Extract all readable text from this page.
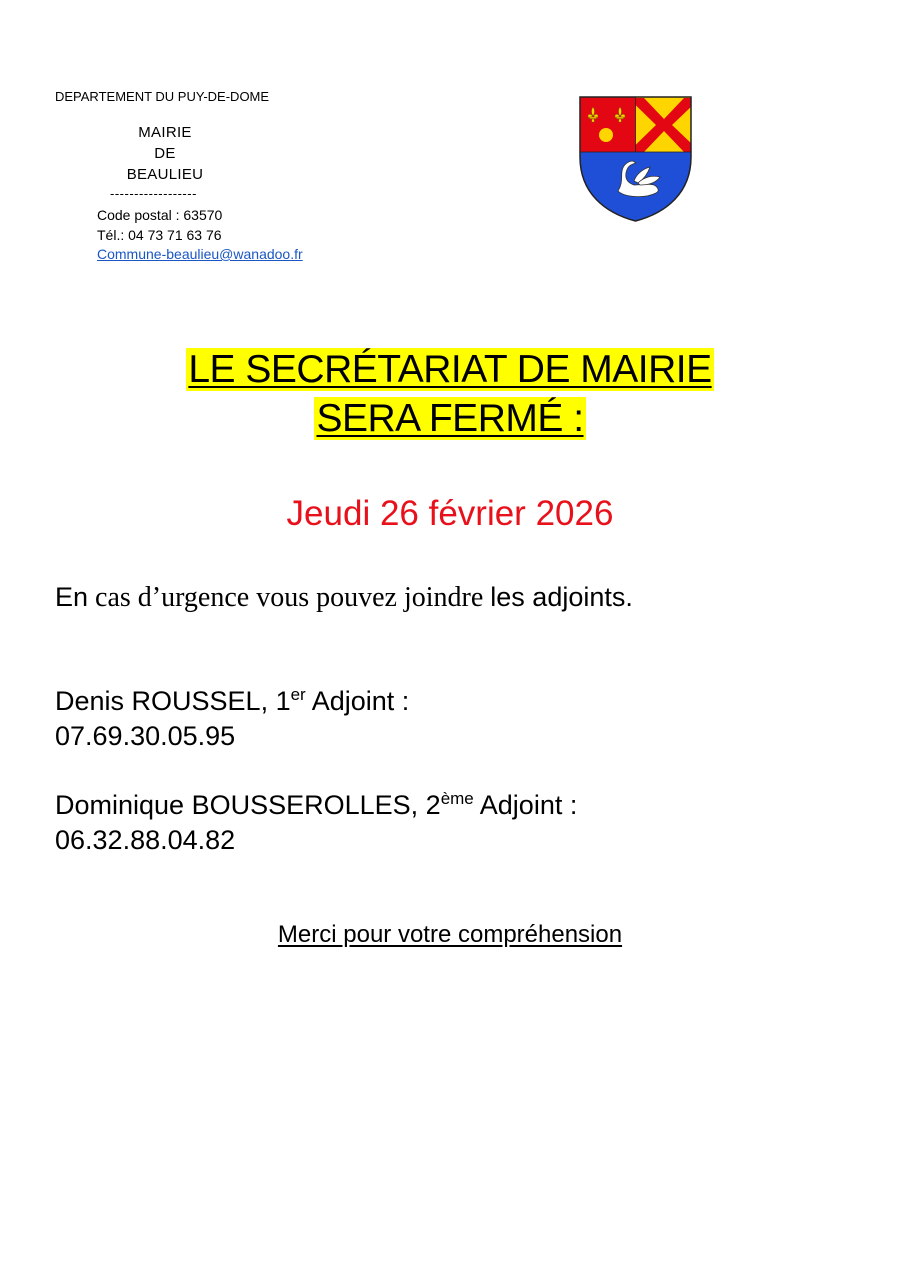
DEPARTEMENT DU PUY-DE-DOME
MAIRIE
DE
BEAULIEU
------------------
Code postal : 63570
Tél.: 04 73 71 63 76
Commune-beaulieu@wanadoo.fr
LE SECRÉTARIAT DE MAIRIE
SERA FERMÉ :
Jeudi 26 février 2026
En cas d’urgence vous pouvez joindre les adjoints.
Denis ROUSSEL, 1er Adjoint :
07.69.30.05.95
Dominique BOUSSEROLLES, 2ème Adjoint :
06.32.88.04.82
Merci pour votre compréhension
